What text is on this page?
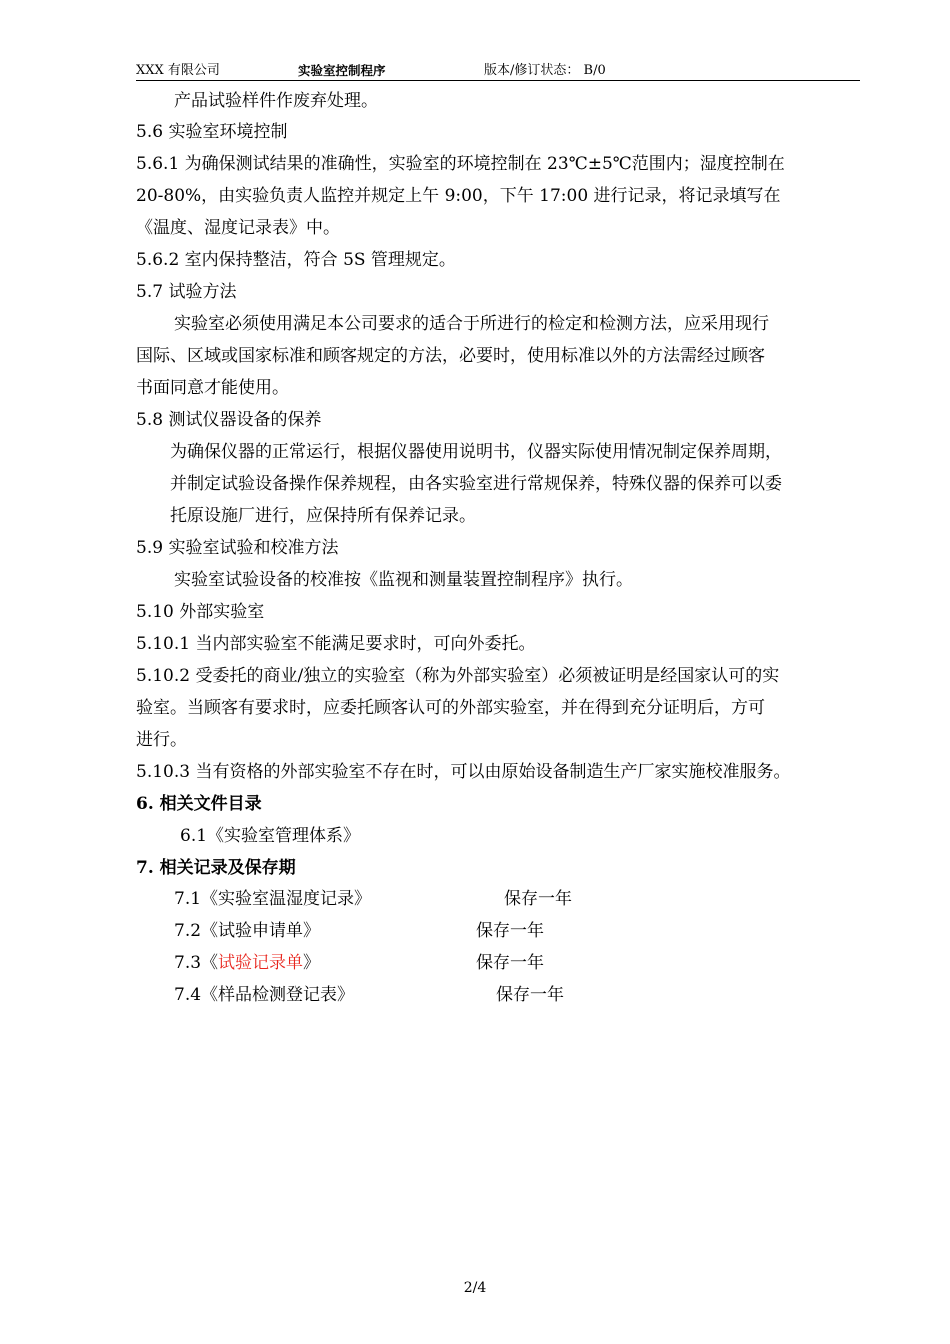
XXX 有限公司	实验室控制程序	版本/修订状态： B/0
产品试验样件作废弃处理。
5.6 实验室环境控制
5.6.1 为确保测试结果的准确性，实验室的环境控制在 23℃±5℃范围内；湿度控制在
20-80%，由实验负责人监控并规定上午 9:00，下午 17:00 进行记录，将记录填写在
《温度、湿度记录表》中。
5.6.2 室内保持整洁，符合 5S 管理规定。
5.7 试验方法
实验室必须使用满足本公司要求的适合于所进行的检定和检测方法，应采用现行
国际、区域或国家标准和顾客规定的方法，必要时，使用标准以外的方法需经过顾客
书面同意才能使用。
5.8 测试仪器设备的保养
为确保仪器的正常运行，根据仪器使用说明书，仪器实际使用情况制定保养周期，
并制定试验设备操作保养规程，由各实验室进行常规保养，特殊仪器的保养可以委
托原设施厂进行，应保持所有保养记录。
5.9 实验室试验和校准方法
实验室试验设备的校准按《监视和测量装置控制程序》执行。
5.10 外部实验室
5.10.1 当内部实验室不能满足要求时，可向外委托。
5.10.2 受委托的商业/独立的实验室（称为外部实验室）必须被证明是经国家认可的实
验室。当顾客有要求时，应委托顾客认可的外部实验室，并在得到充分证明后，方可
进行。
5.10.3 当有资格的外部实验室不存在时，可以由原始设备制造生产厂家实施校准服务。
6. 相关文件目录
6.1《实验室管理体系》
7. 相关记录及保存期
7.1《实验室温湿度记录》	保存一年
7.2《试验申请单》	保存一年
7.3《试验记录单》	保存一年
7.4《样品检测登记表》	保存一年
2/4
